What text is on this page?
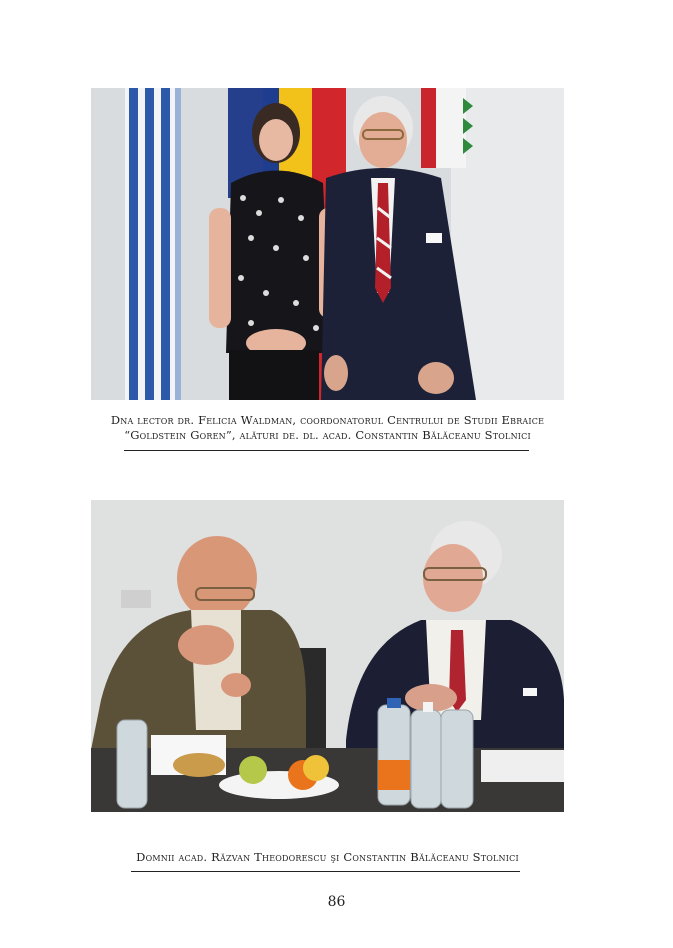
Dna lector dr. Felicia Waldman, coordonatorul Centrului de Studii Ebraice
“Goldstein Goren”, alături de. dl. acad. Constantin Bălăceanu Stolnici
Domnii acad. Răzvan Theodorescu şi Constantin Bălăceanu Stolnici
86
